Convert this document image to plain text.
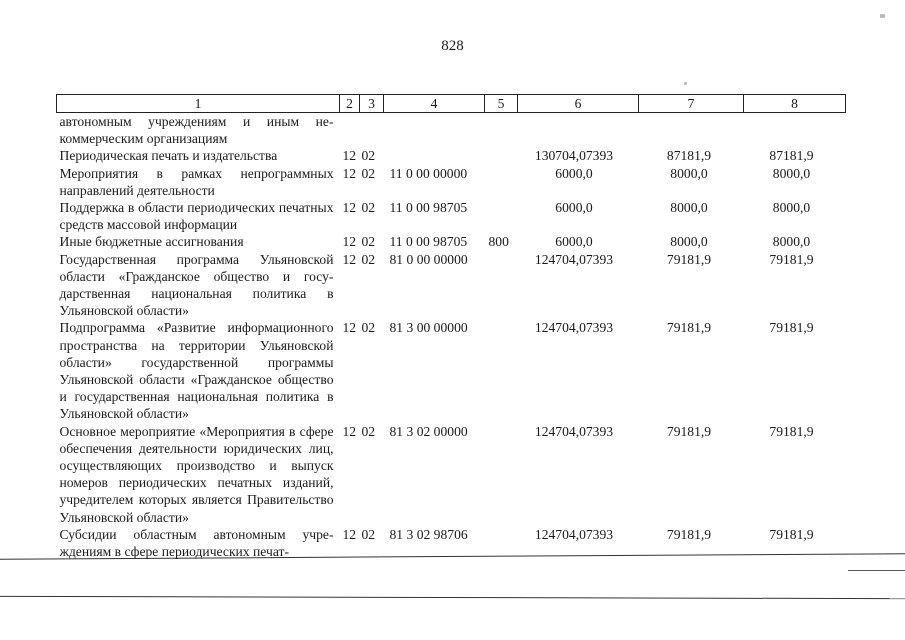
828
1	2	3	4	5	6	7	8
автономным учреждениям и иным некоммерческим организациям							
Периодическая печать и издательства	12	02			130704,07393	87181,9	87181,9
Мероприятия в рамках непрограммных направлений деятельности	12	02	11 0 00 00000		6000,0	8000,0	8000,0
Поддержка в области периодических печатных средств массовой информации	12	02	11 0 00 98705		6000,0	8000,0	8000,0
Иные бюджетные ассигнования	12	02	11 0 00 98705	800	6000,0	8000,0	8000,0
Государственная программа Ульяновской области «Гражданское общество и государственная национальная политика в Ульяновской области»	12	02	81 0 00 00000		124704,07393	79181,9	79181,9
Подпрограмма «Развитие информационного пространства на территории Ульяновской области» государственной программы Ульяновской области «Гражданское общество и государственная национальная политика в Ульяновской области»	12	02	81 3 00 00000		124704,07393	79181,9	79181,9
Основное мероприятие «Мероприятия в сфере обеспечения деятельности юридических лиц, осуществляющих производство и выпуск номеров периодических печатных изданий, учредителем которых является Правительство Ульяновской области»	12	02	81 3 02 00000		124704,07393	79181,9	79181,9
Субсидии областным автономным учреждениям в сфере периодических печат-	12	02	81 3 02 98706		124704,07393	79181,9	79181,9
